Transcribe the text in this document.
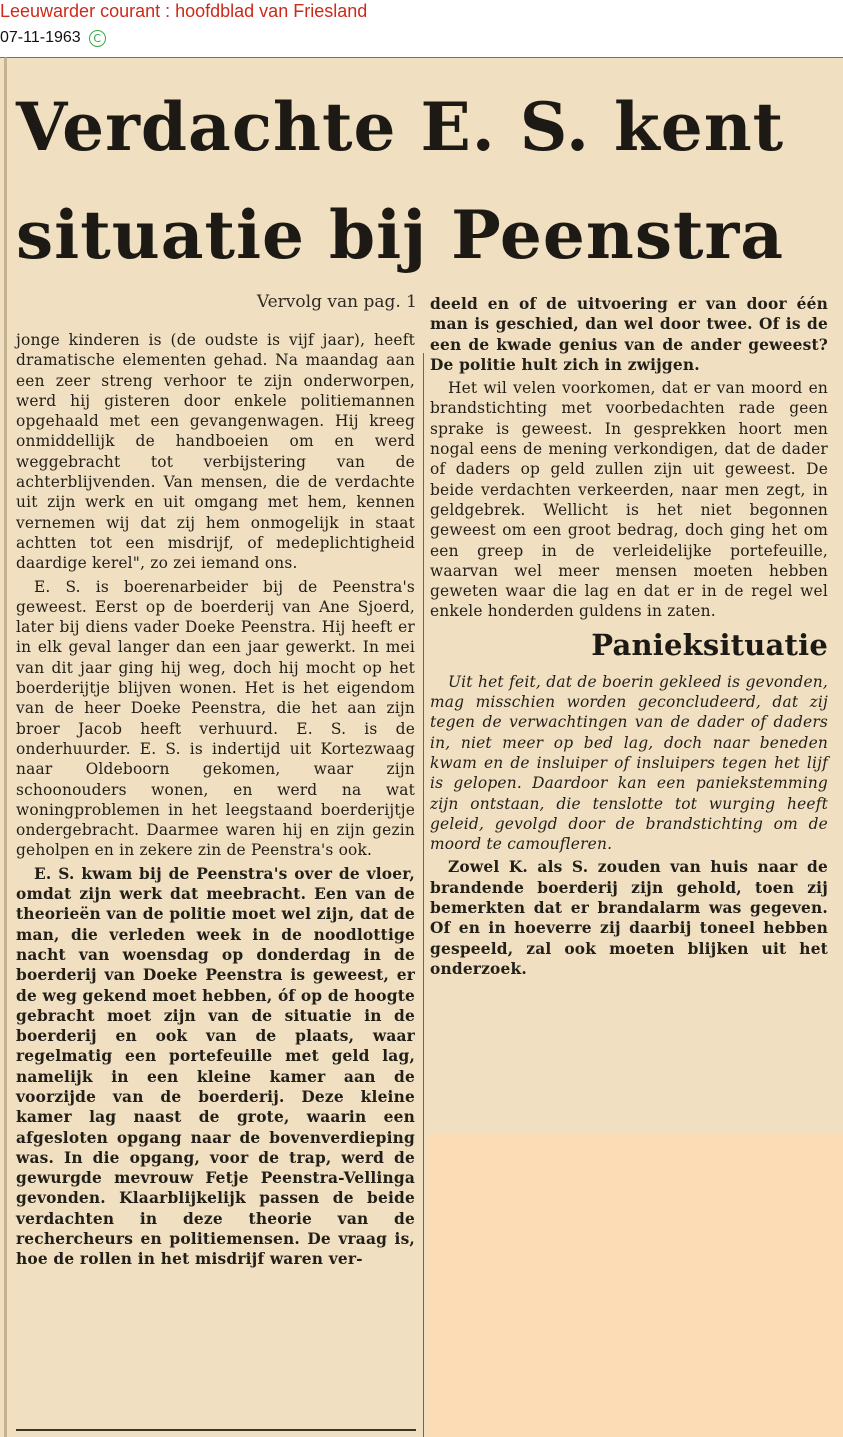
Leeuwarder courant : hoofdblad van Friesland
07-11-1963	C
Verdachte E. S. kent
situatie bij Peenstra
Vervolg van pag. 1

jonge kinderen is (de oudste is vijf jaar), heeft dramatische elementen gehad. Na maandag aan een zeer streng verhoor te zijn onderworpen, werd hij gisteren door enkele politiemannen opgehaald met een gevangenwagen. Hij kreeg onmiddellijk de handboeien om en werd weggebracht tot verbijstering van de achterblijvenden. Van mensen, die de verdachte uit zijn werk en uit omgang met hem, kennen vernemen wij dat zij hem onmogelijk in staat achtten tot een misdrijf, of medeplichtigheid daardige kerel", zo zei iemand ons.

E. S. is boerenarbeider bij de Peenstra's geweest. Eerst op de boerderij van Ane Sjoerd, later bij diens vader Doeke Peenstra. Hij heeft er in elk geval langer dan een jaar gewerkt. In mei van dit jaar ging hij weg, doch hij mocht op het boerderijtje blijven wonen. Het is het eigendom van de heer Doeke Peenstra, die het aan zijn broer Jacob heeft verhuurd. E. S. is de onderhuurder. E. S. is indertijd uit Kortezwaag naar Oldeboorn gekomen, waar zijn schoonouders wonen, en werd na wat woningproblemen in het leegstaand boerderijtje ondergebracht. Daarmee waren hij en zijn gezin geholpen en in zekere zin de Peenstra's ook.

E. S. kwam bij de Peenstra's over de vloer, omdat zijn werk dat meebracht. Een van de theorieën van de politie moet wel zijn, dat de man, die verleden week in de noodlottige nacht van woensdag op donderdag in de boerderij van Doeke Peenstra is geweest, er de weg gekend moet hebben, óf op de hoogte gebracht moet zijn van de situatie in de boerderij en ook van de plaats, waar regelmatig een portefeuille met geld lag, namelijk in een kleine kamer aan de voorzijde van de boerderij. Deze kleine kamer lag naast de grote, waarin een afgesloten opgang naar de bovenverdieping was. In die opgang, voor de trap, werd de gewurgde mevrouw Fetje Peenstra-Vellinga gevonden. Klaarblijkelijk passen de beide verdachten in deze theorie van de rechercheurs en politiemensen. De vraag is, hoe de rollen in het misdrijf waren ver-

deeld en of de uitvoering er van door één man is geschied, dan wel door twee. Of is de een de kwade genius van de ander geweest? De politie hult zich in zwijgen.

Het wil velen voorkomen, dat er van moord en brandstichting met voorbedachten rade geen sprake is geweest. In gesprekken hoort men nogal eens de mening verkondigen, dat de dader of daders op geld zullen zijn uit geweest. De beide verdachten verkeerden, naar men zegt, in geldgebrek. Wellicht is het niet begonnen geweest om een groot bedrag, doch ging het om een greep in de verleidelijke portefeuille, waarvan wel meer mensen moeten hebben geweten waar die lag en dat er in de regel wel enkele honderden guldens in zaten.

Panieksituatie

Uit het feit, dat de boerin gekleed is gevonden, mag misschien worden geconcludeerd, dat zij tegen de verwachtingen van de dader of daders in, niet meer op bed lag, doch naar beneden kwam en de insluiper of insluipers tegen het lijf is gelopen. Daardoor kan een paniekstemming zijn ontstaan, die tenslotte tot wurging heeft geleid, gevolgd door de brandstichting om de moord te camoufleren.

Zowel K. als S. zouden van huis naar de brandende boerderij zijn gehold, toen zij bemerkten dat er brandalarm was gegeven. Of en in hoeverre zij daarbij toneel hebben gespeeld, zal ook moeten blijken uit het onderzoek.
